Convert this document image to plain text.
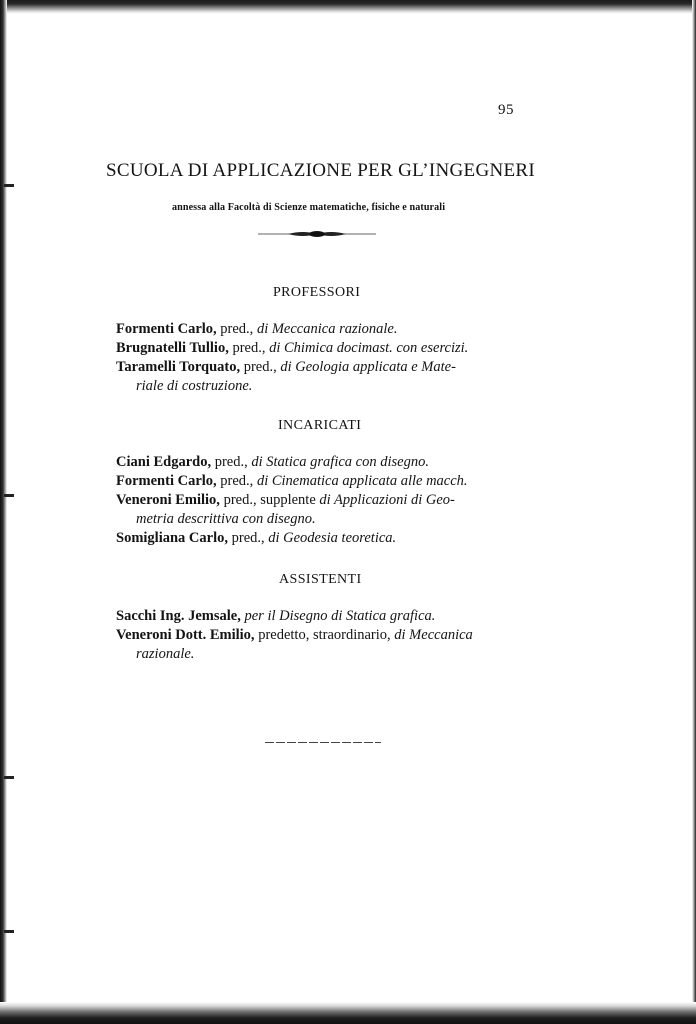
95
SCUOLA DI APPLICAZIONE PER GL’INGEGNERI
annessa alla Facoltà di Scienze matematiche, fisiche e naturali
PROFESSORI
Formenti Carlo, pred., di Meccanica razionale.
Brugnatelli Tullio, pred., di Chimica docimast. con esercizi.
Taramelli Torquato, pred., di Geologia applicata e Mate-
riale di costruzione.
INCARICATI
Ciani Edgardo, pred., di Statica grafica con disegno.
Formenti Carlo, pred., di Cinematica applicata alle macch.
Veneroni Emilio, pred., supplente di Applicazioni di Geo-
metria descrittiva con disegno.
Somigliana Carlo, pred., di Geodesia teoretica.
ASSISTENTI
Sacchi Ing. Jemsale, per il Disegno di Statica grafica.
Veneroni Dott. Emilio, predetto, straordinario, di Meccanica
razionale.
